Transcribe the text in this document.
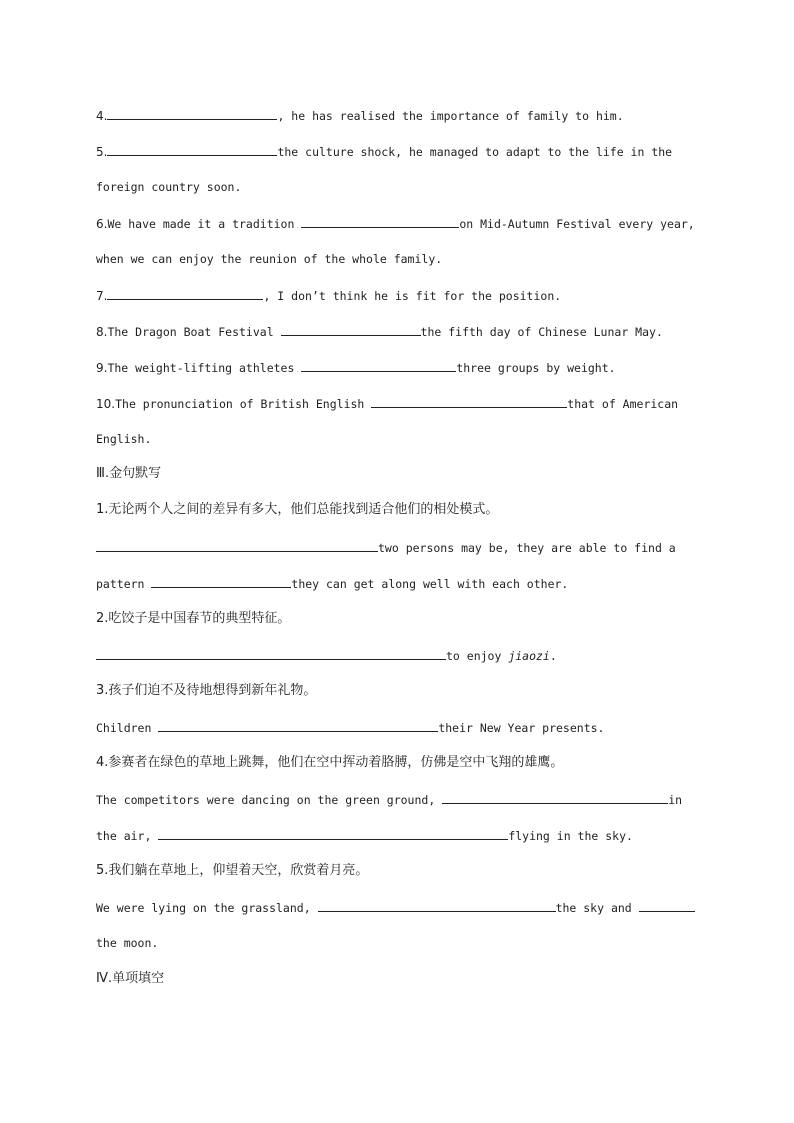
4.	, he has realised the importance of family to him.
5.	the culture shock, he managed to adapt to the life in the
foreign country soon.
6.We have made it a tradition	on Mid-Autumn Festival every year,
when we can enjoy the reunion of the whole family.
7.	, I don’t think he is fit for the position.
8.The Dragon Boat Festival	the fifth day of Chinese Lunar May.
9.The weight-lifting athletes	three groups by weight.
10.The pronunciation of British English	that of American
English.
Ⅲ.金句默写
1.无论两个人之间的差异有多大，他们总能找到适合他们的相处模式。
two persons may be, they are able to find a
pattern	they can get along well with each other.
2.吃饺子是中国春节的典型特征。
to enjoy jiaozi.
3.孩子们迫不及待地想得到新年礼物。
Children	their New Year presents.
4.参赛者在绿色的草地上跳舞，他们在空中挥动着胳膊，仿佛是空中飞翔的雄鹰。
The competitors were dancing on the green ground,	in
the air,	flying in the sky.
5.我们躺在草地上，仰望着天空，欣赏着月亮。
We were lying on the grassland,	the sky and
the moon.
Ⅳ.单项填空
